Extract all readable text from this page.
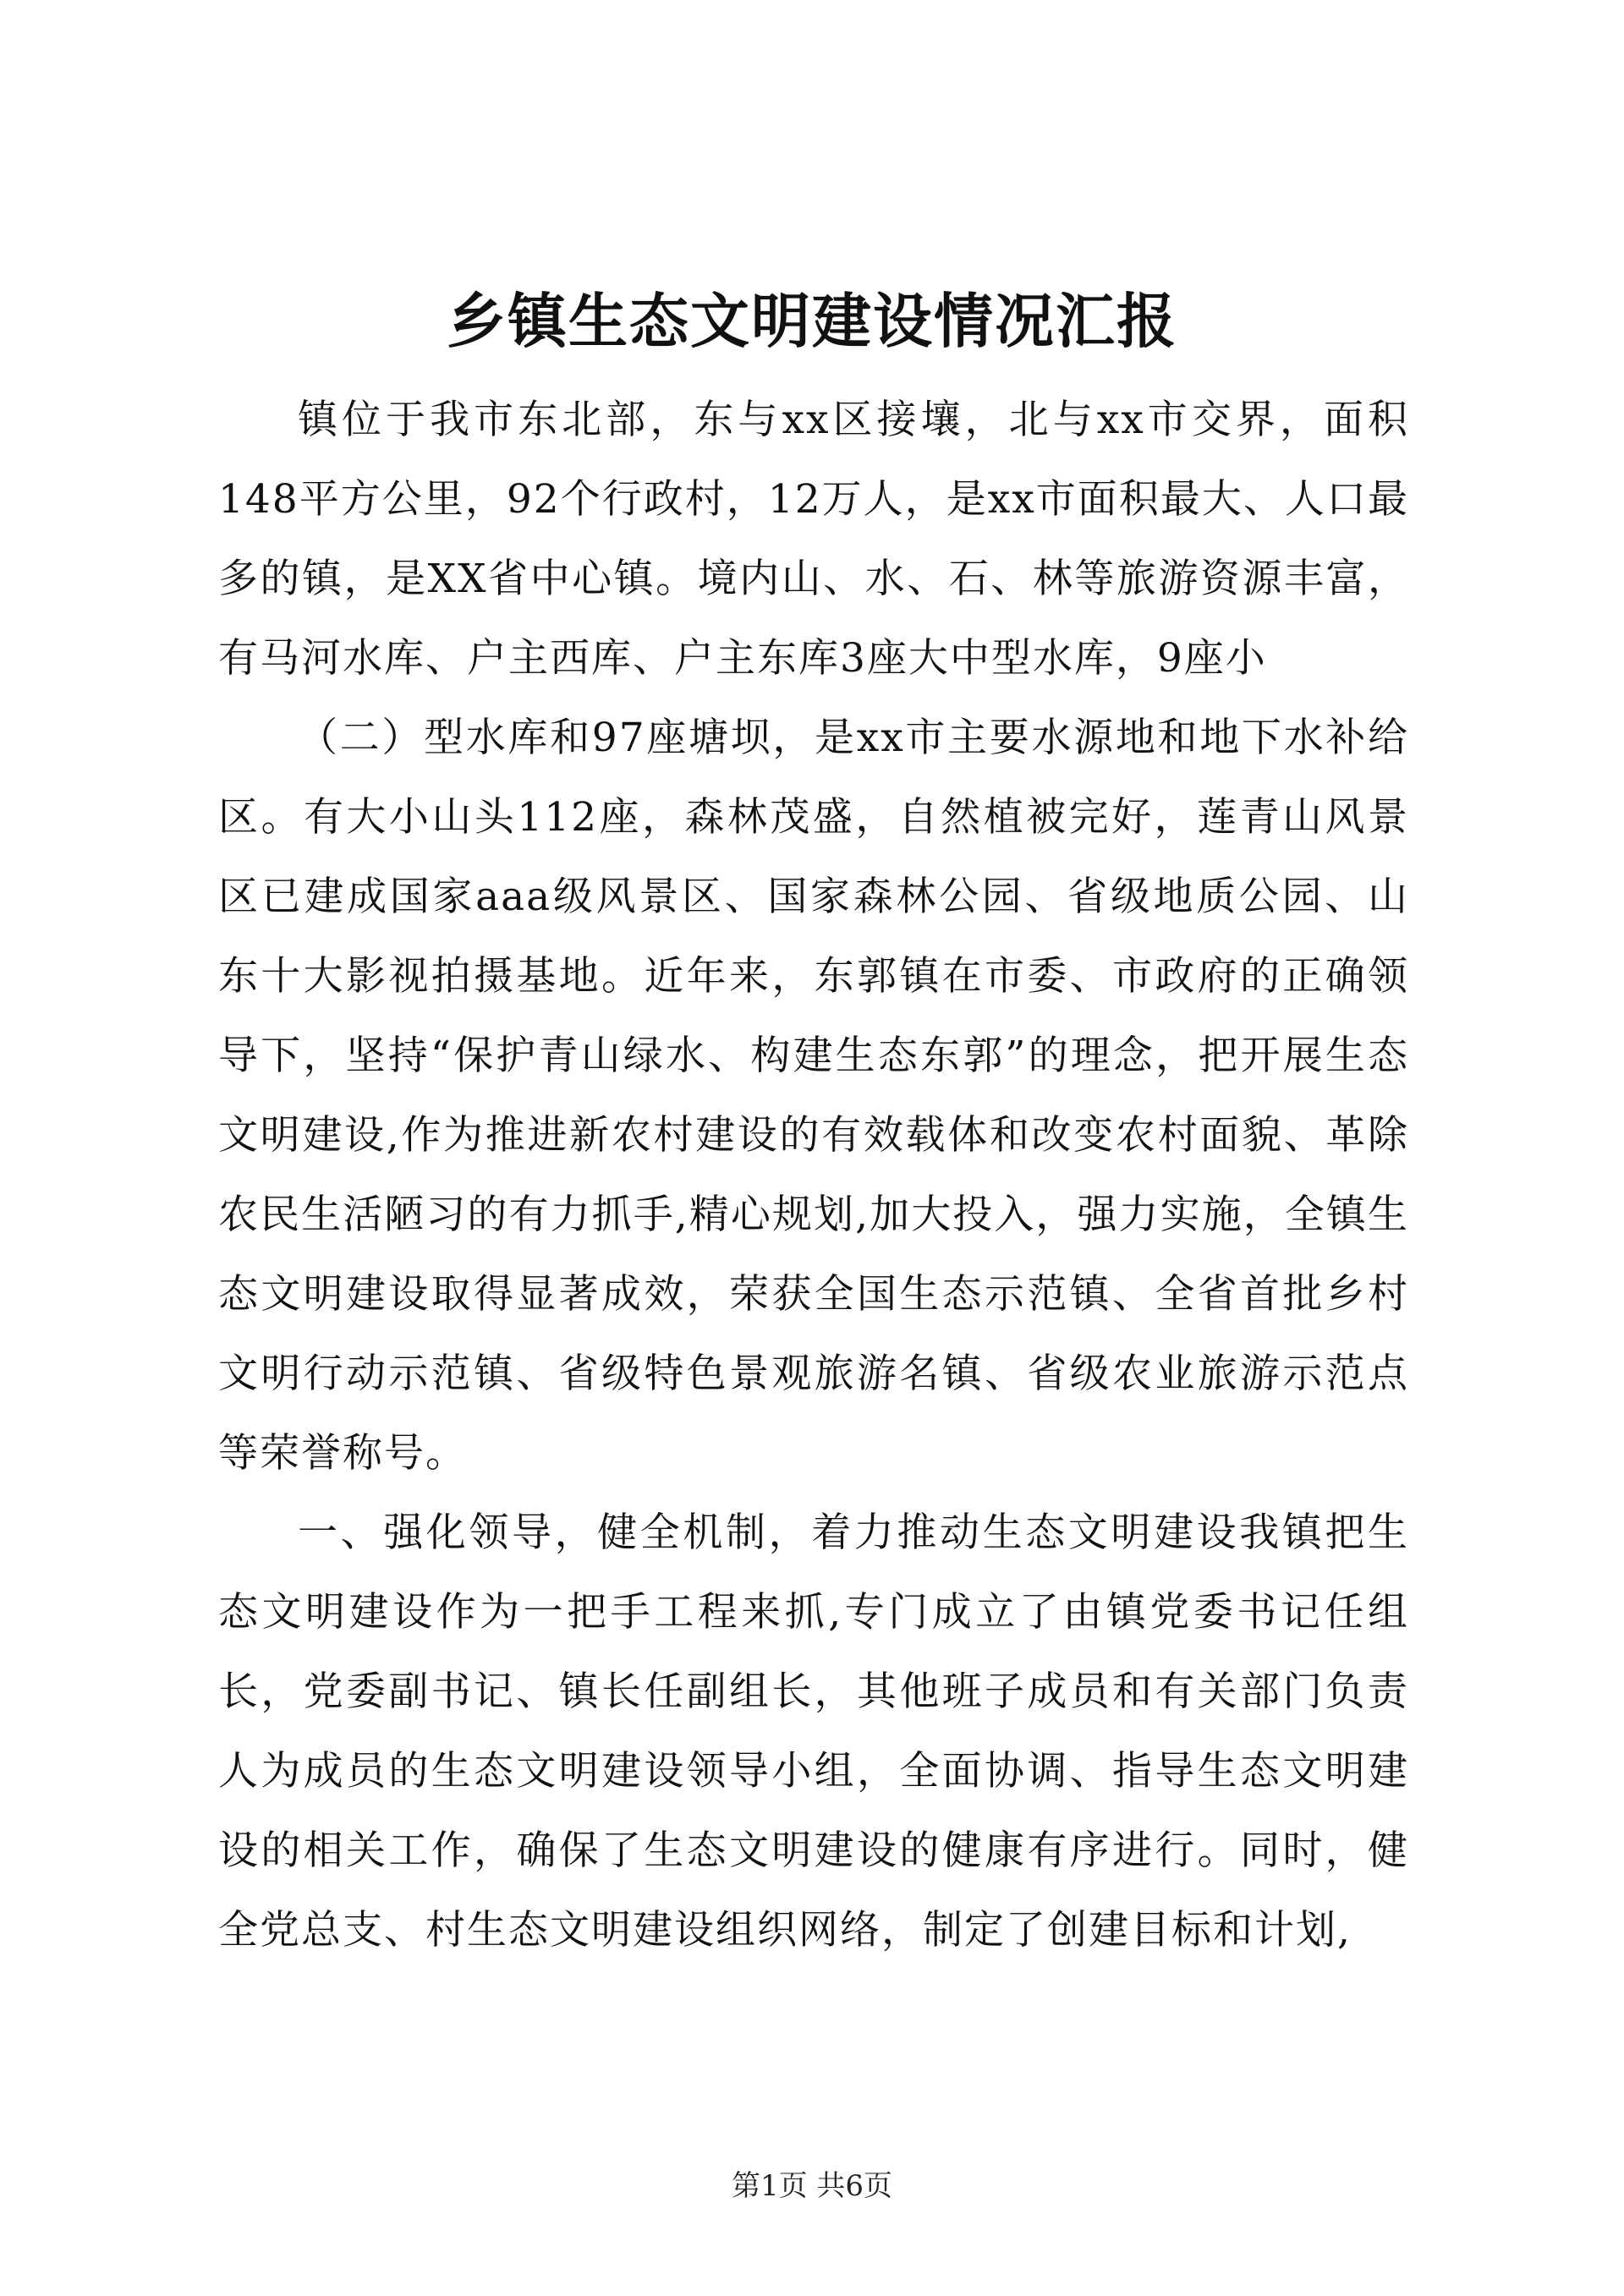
乡镇生态文明建设情况汇报

镇位于我市东北部，东与xx区接壤，北与xx市交界，面积148平方公里，92个行政村，12万人，是xx市面积最大、人口最多的镇，是XX省中心镇。境内山、水、石、林等旅游资源丰富，有马河水库、户主西库、户主东库3座大中型水库，9座小

（二）型水库和97座塘坝，是xx市主要水源地和地下水补给区。有大小山头112座，森林茂盛，自然植被完好，莲青山风景区已建成国家aaa级风景区、国家森林公园、省级地质公园、山东十大影视拍摄基地。近年来，东郭镇在市委、市政府的正确领导下，坚持“保护青山绿水、构建生态东郭”的理念，把开展生态文明建设,作为推进新农村建设的有效载体和改变农村面貌、革除农民生活陋习的有力抓手,精心规划,加大投入，强力实施，全镇生态文明建设取得显著成效，荣获全国生态示范镇、全省首批乡村文明行动示范镇、省级特色景观旅游名镇、省级农业旅游示范点等荣誉称号。

一、强化领导，健全机制，着力推动生态文明建设我镇把生态文明建设作为一把手工程来抓,专门成立了由镇党委书记任组长，党委副书记、镇长任副组长，其他班子成员和有关部门负责人为成员的生态文明建设领导小组，全面协调、指导生态文明建设的相关工作，确保了生态文明建设的健康有序进行。同时，健全党总支、村生态文明建设组织网络，制定了创建目标和计划,

第1页 共6页
